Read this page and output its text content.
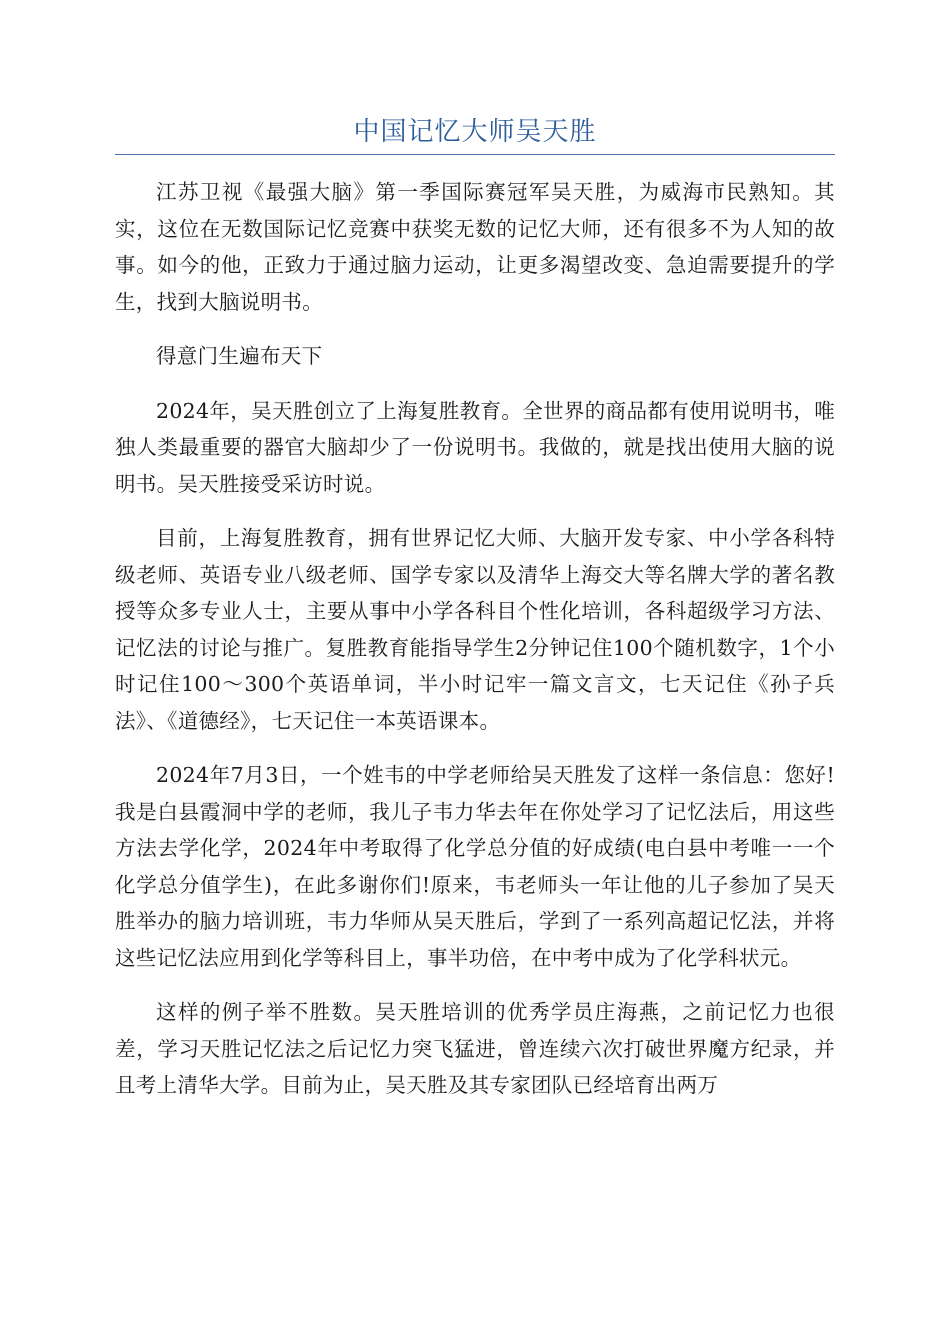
中国记忆大师吴天胜

江苏卫视《最强大脑》第一季国际赛冠军吴天胜，为威海市民熟知。其实，这位在无数国际记忆竞赛中获奖无数的记忆大师，还有很多不为人知的故事。如今的他，正致力于通过脑力运动，让更多渴望改变、急迫需要提升的学生，找到大脑说明书。

得意门生遍布天下

2024年，吴天胜创立了上海复胜教育。全世界的商品都有使用说明书，唯独人类最重要的器官大脑却少了一份说明书。我做的，就是找出使用大脑的说明书。吴天胜接受采访时说。

目前，上海复胜教育，拥有世界记忆大师、大脑开发专家、中小学各科特级老师、英语专业八级老师、国学专家以及清华上海交大等名牌大学的著名教授等众多专业人士，主要从事中小学各科目个性化培训，各科超级学习方法、记忆法的讨论与推广。复胜教育能指导学生2分钟记住100个随机数字，1个小时记住100～300个英语单词，半小时记牢一篇文言文，七天记住《孙子兵法》、《道德经》，七天记住一本英语课本。

2024年7月3日，一个姓韦的中学老师给吴天胜发了这样一条信息：您好!我是白县霞洞中学的老师，我儿子韦力华去年在你处学习了记忆法后，用这些方法去学化学，2024年中考取得了化学总分值的好成绩(电白县中考唯一一个化学总分值学生)，在此多谢你们!原来，韦老师头一年让他的儿子参加了吴天胜举办的脑力培训班，韦力华师从吴天胜后，学到了一系列高超记忆法，并将这些记忆法应用到化学等科目上，事半功倍，在中考中成为了化学科状元。

这样的例子举不胜数。吴天胜培训的优秀学员庄海燕，之前记忆力也很差，学习天胜记忆法之后记忆力突飞猛进，曾连续六次打破世界魔方纪录，并且考上清华大学。目前为止，吴天胜及其专家团队已经培育出两万
